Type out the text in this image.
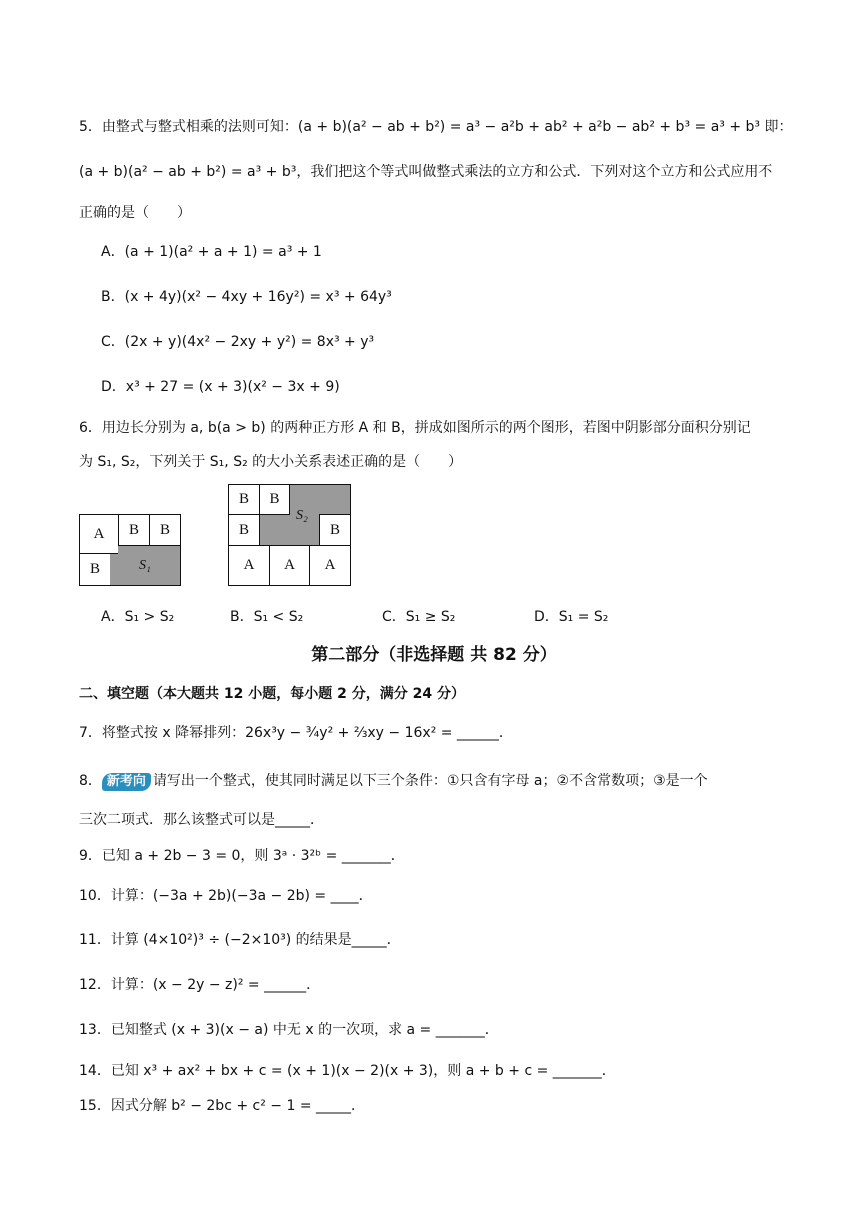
5．由整式与整式相乘的法则可知：(a + b)(a² − ab + b²) = a³ − a²b + ab² + a²b − ab² + b³ = a³ + b³ 即：
(a + b)(a² − ab + b²) = a³ + b³，我们把这个等式叫做整式乘法的立方和公式．下列对这个立方和公式应用不
正确的是（　　）
A．(a + 1)(a² + a + 1) = a³ + 1
B．(x + 4y)(x² − 4xy + 16y²) = x³ + 64y³
C．(2x + y)(4x² − 2xy + y²) = 8x³ + y³
D．x³ + 27 = (x + 3)(x² − 3x + 9)
6．用边长分别为 a, b(a > b) 的两种正方形 A 和 B，拼成如图所示的两个图形，若图中阴影部分面积分别记
为 S₁, S₂，下列关于 S₁, S₂ 的大小关系表述正确的是（　　）
A	B	B
B	S₁
B	B
B	B
A	A	A
S₂
A．S₁ > S₂	B．S₁ < S₂	C．S₁ ≥ S₂	D．S₁ = S₂
第二部分（非选择题 共 82 分）
二、填空题（本大题共 12 小题，每小题 2 分，满分 24 分）
7．将整式按 x 降幂排列：26x³y − ¾y² + ⅔xy − 16x² = ______．
8． 新考向 请写出一个整式，使其同时满足以下三个条件：①只含有字母 a；②不含常数项；③是一个
三次二项式．那么该整式可以是_____．
9．已知 a + 2b − 3 = 0，则 3ᵃ · 3²ᵇ = _______．
10．计算：(−3a + 2b)(−3a − 2b) = ____．
11．计算 (4×10²)³ ÷ (−2×10³) 的结果是_____．
12．计算：(x − 2y − z)² = ______．
13．已知整式 (x + 3)(x − a) 中无 x 的一次项，求 a = _______．
14．已知 x³ + ax² + bx + c = (x + 1)(x − 2)(x + 3)，则 a + b + c = _______．
15．因式分解 b² − 2bc + c² − 1 = _____．
